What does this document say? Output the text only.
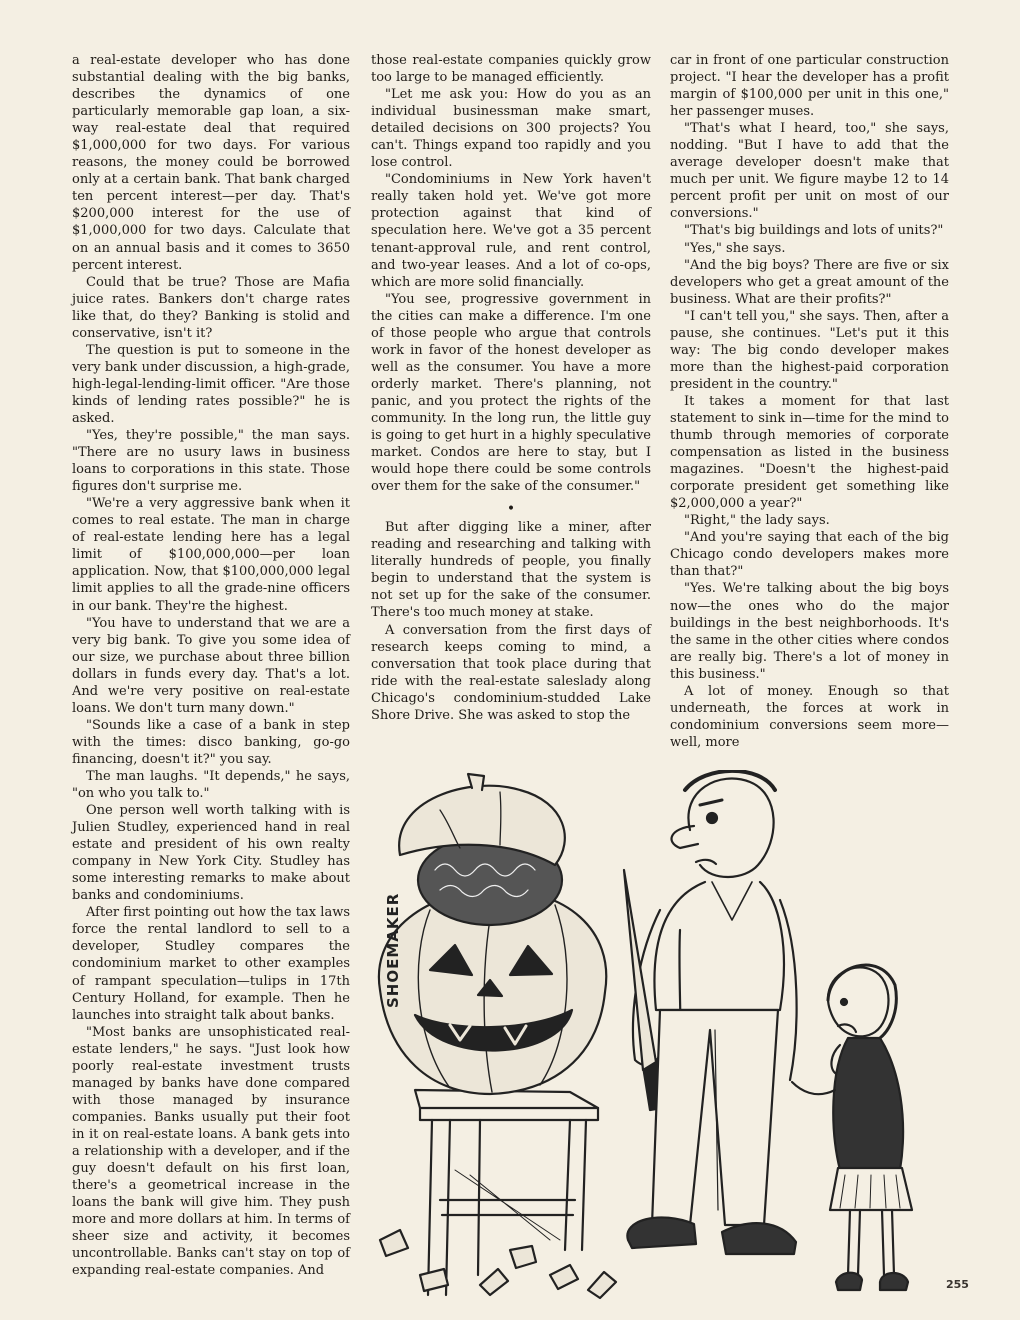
a real-estate developer who has done substantial dealing with the big banks, describes the dynamics of one particularly memorable gap loan, a six-way real-estate deal that required $1,000,000 for two days. For various reasons, the money could be borrowed only at a certain bank. That bank charged ten percent interest—per day. That's $200,000 interest for the use of $1,000,000 for two days. Calculate that on an annual basis and it comes to 3650 percent interest.

Could that be true? Those are Mafia juice rates. Bankers don't charge rates like that, do they? Banking is stolid and conservative, isn't it?

The question is put to someone in the very bank under discussion, a high-grade, high-legal-lending-limit officer. "Are those kinds of lending rates possible?" he is asked.

"Yes, they're possible," the man says. "There are no usury laws in business loans to corporations in this state. Those figures don't surprise me.

"We're a very aggressive bank when it comes to real estate. The man in charge of real-estate lending here has a legal limit of $100,000,000—per loan application. Now, that $100,000,000 legal limit applies to all the grade-nine officers in our bank. They're the highest.

"You have to understand that we are a very big bank. To give you some idea of our size, we purchase about three billion dollars in funds every day. That's a lot. And we're very positive on real-estate loans. We don't turn many down."

"Sounds like a case of a bank in step with the times: disco banking, go-go financing, doesn't it?" you say.

The man laughs. "It depends," he says, "on who you talk to."

One person well worth talking with is Julien Studley, experienced hand in real estate and president of his own realty company in New York City. Studley has some interesting remarks to make about banks and condominiums.

After first pointing out how the tax laws force the rental landlord to sell to a developer, Studley compares the condominium market to other examples of rampant speculation—tulips in 17th Century Holland, for example. Then he launches into straight talk about banks.

"Most banks are unsophisticated real-estate lenders," he says. "Just look how poorly real-estate investment trusts managed by banks have done compared with those managed by insurance companies. Banks usually put their foot in it on real-estate loans. A bank gets into a relationship with a developer, and if the guy doesn't default on his first loan, there's a geometrical increase in the loans the bank will give him. They push more and more dollars at him. In terms of sheer size and activity, it becomes uncontrollable. Banks can't stay on top of expanding real-estate companies. And

those real-estate companies quickly grow too large to be managed efficiently.

"Let me ask you: How do you as an individual businessman make smart, detailed decisions on 300 projects? You can't. Things expand too rapidly and you lose control.

"Condominiums in New York haven't really taken hold yet. We've got more protection against that kind of speculation here. We've got a 35 percent tenant-approval rule, and rent control, and two-year leases. And a lot of co-ops, which are more solid financially.

"You see, progressive government in the cities can make a difference. I'm one of those people who argue that controls work in favor of the honest developer as well as the consumer. You have a more orderly market. There's planning, not panic, and you protect the rights of the community. In the long run, the little guy is going to get hurt in a highly speculative market. Condos are here to stay, but I would hope there could be some controls over them for the sake of the consumer."

•

But after digging like a miner, after reading and researching and talking with literally hundreds of people, you finally begin to understand that the system is not set up for the sake of the consumer. There's too much money at stake.

A conversation from the first days of research keeps coming to mind, a conversation that took place during that ride with the real-estate saleslady along Chicago's condominium-studded Lake Shore Drive. She was asked to stop the

car in front of one particular construction project. "I hear the developer has a profit margin of $100,000 per unit in this one," her passenger muses.

"That's what I heard, too," she says, nodding. "But I have to add that the average developer doesn't make that much per unit. We figure maybe 12 to 14 percent profit per unit on most of our conversions."

"That's big buildings and lots of units?"

"Yes," she says.

"And the big boys? There are five or six developers who get a great amount of the business. What are their profits?"

"I can't tell you," she says. Then, after a pause, she continues. "Let's put it this way: The big condo developer makes more than the highest-paid corporation president in the country."

It takes a moment for that last statement to sink in—time for the mind to thumb through memories of corporate compensation as listed in the business magazines. "Doesn't the highest-paid corporate president get something like $2,000,000 a year?"

"Right," the lady says.

"And you're saying that each of the big Chicago condo developers makes more than that?"

"Yes. We're talking about the big boys now—the ones who do the major buildings in the best neighborhoods. It's the same in the other cities where condos are really big. There's a lot of money in this business."

A lot of money. Enough so that underneath, the forces at work in condominium conversions seem more—well, more

SHOEMAKER
255
